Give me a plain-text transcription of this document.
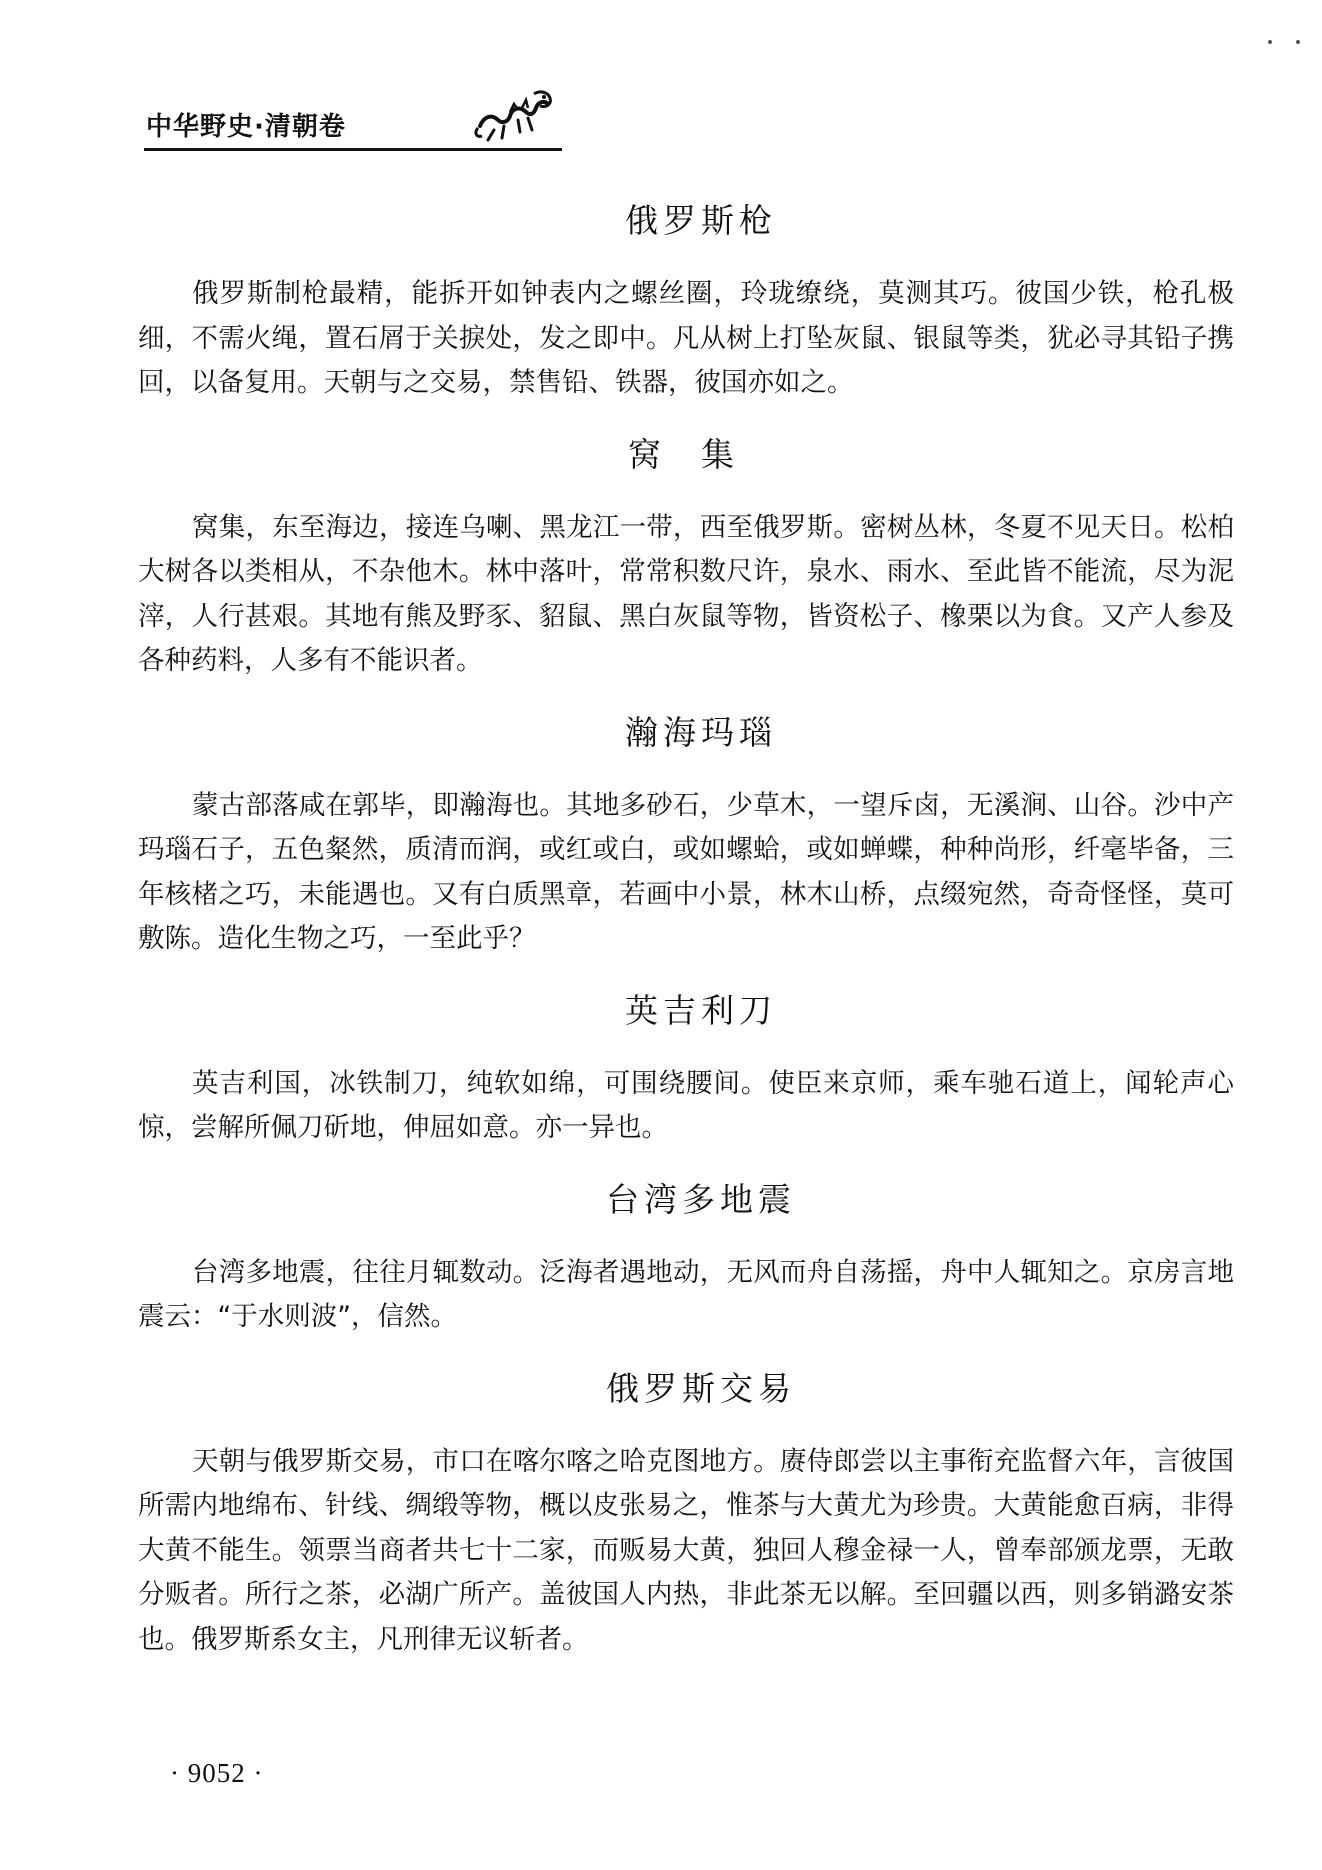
中华野史·清朝卷
俄罗斯枪

俄罗斯制枪最精，能拆开如钟表内之螺丝圈，玲珑缭绕，莫测其巧。彼国少铁，枪孔极细，不需火绳，置石屑于关捩处，发之即中。凡从树上打坠灰鼠、银鼠等类，犹必寻其铅子携回，以备复用。天朝与之交易，禁售铅、铁器，彼国亦如之。

窝集

窝集，东至海边，接连乌喇、黑龙江一带，西至俄罗斯。密树丛林，冬夏不见天日。松柏大树各以类相从，不杂他木。林中落叶，常常积数尺许，泉水、雨水、至此皆不能流，尽为泥滓，人行甚艰。其地有熊及野豕、貂鼠、黑白灰鼠等物，皆资松子、橡栗以为食。又产人参及各种药料，人多有不能识者。

瀚海玛瑙

蒙古部落咸在郭毕，即瀚海也。其地多砂石，少草木，一望斥卤，无溪涧、山谷。沙中产玛瑙石子，五色粲然，质清而润，或红或白，或如螺蛤，或如蝉蝶，种种尚形，纤毫毕备，三年核楮之巧，未能遇也。又有白质黑章，若画中小景，林木山桥，点缀宛然，奇奇怪怪，莫可敷陈。造化生物之巧，一至此乎？

英吉利刀

英吉利国，冰铁制刀，纯软如绵，可围绕腰间。使臣来京师，乘车驰石道上，闻轮声心惊，尝解所佩刀斫地，伸屈如意。亦一异也。

台湾多地震

台湾多地震，往往月辄数动。泛海者遇地动，无风而舟自荡摇，舟中人辄知之。京房言地震云：“于水则波”，信然。

俄罗斯交易

天朝与俄罗斯交易，市口在喀尔喀之哈克图地方。赓侍郎尝以主事衔充监督六年，言彼国所需内地绵布、针线、绸缎等物，概以皮张易之，惟茶与大黄尤为珍贵。大黄能愈百病，非得大黄不能生。领票当商者共七十二家，而贩易大黄，独回人穆金禄一人，曾奉部颁龙票，无敢分贩者。所行之茶，必湖广所产。盖彼国人内热，非此茶无以解。至回疆以西，则多销潞安茶也。俄罗斯系女主，凡刑律无议斩者。

· 9052 ·
